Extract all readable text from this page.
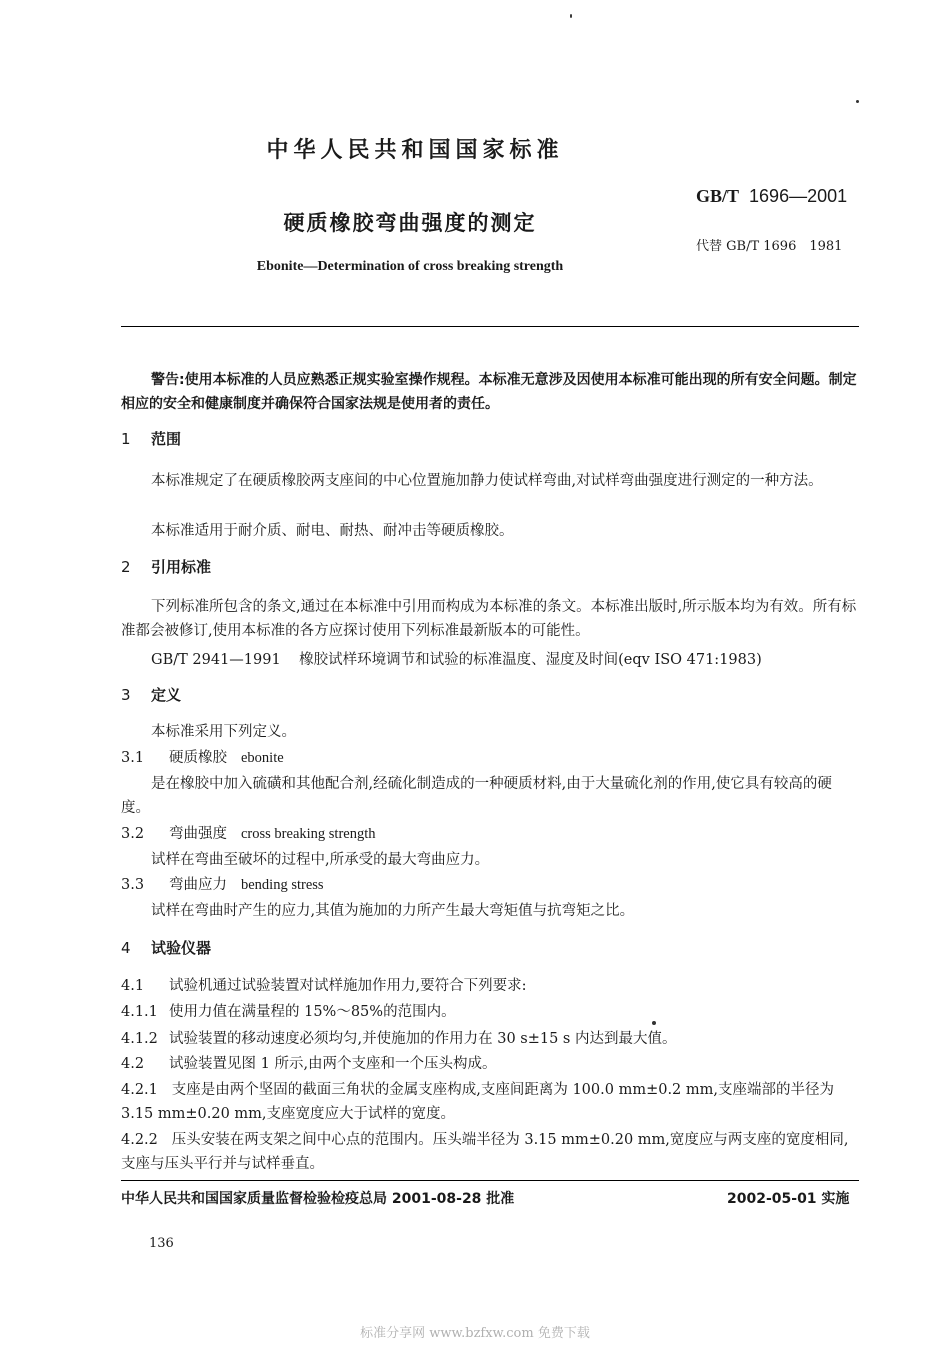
中华人民共和国国家标准
GB/T 1696—2001
硬质橡胶弯曲强度的测定
代替 GB/T 1696　1981
Ebonite—Determination of cross breaking strength
警告:使用本标准的人员应熟悉正规实验室操作规程。本标准无意涉及因使用本标准可能出现的所有安全问题。制定相应的安全和健康制度并确保符合国家法规是使用者的责任。
1 范围
本标准规定了在硬质橡胶两支座间的中心位置施加静力使试样弯曲,对试样弯曲强度进行测定的一种方法。
本标准适用于耐介质、耐电、耐热、耐冲击等硬质橡胶。
2 引用标准
下列标准所包含的条文,通过在本标准中引用而构成为本标准的条文。本标准出版时,所示版本均为有效。所有标准都会被修订,使用本标准的各方应探讨使用下列标准最新版本的可能性。
GB/T 2941—1991 橡胶试样环境调节和试验的标准温度、湿度及时间(eqv ISO 471:1983)
3 定义
本标准采用下列定义。
3.1 硬质橡胶 ebonite
是在橡胶中加入硫磺和其他配合剂,经硫化制造成的一种硬质材料,由于大量硫化剂的作用,使它具有较高的硬度。
3.2 弯曲强度 cross breaking strength
试样在弯曲至破坏的过程中,所承受的最大弯曲应力。
3.3 弯曲应力 bending stress
试样在弯曲时产生的应力,其值为施加的力所产生最大弯矩值与抗弯矩之比。
4 试验仪器
4.1 试验机通过试验装置对试样施加作用力,要符合下列要求:
4.1.1 使用力值在满量程的 15%～85%的范围内。
4.1.2 试验装置的移动速度必须均匀,并使施加的作用力在 30 s±15 s 内达到最大值。
4.2 试验装置见图 1 所示,由两个支座和一个压头构成。
4.2.1 支座是由两个坚固的截面三角状的金属支座构成,支座间距离为 100.0 mm±0.2 mm,支座端部的半径为 3.15 mm±0.20 mm,支座宽度应大于试样的宽度。
4.2.2 压头安装在两支架之间中心点的范围内。压头端半径为 3.15 mm±0.20 mm,宽度应与两支座的宽度相同,支座与压头平行并与试样垂直。
中华人民共和国国家质量监督检验检疫总局 2001-08-28 批准	2002-05-01 实施
136
标准分享网 www.bzfxw.com 免费下载
